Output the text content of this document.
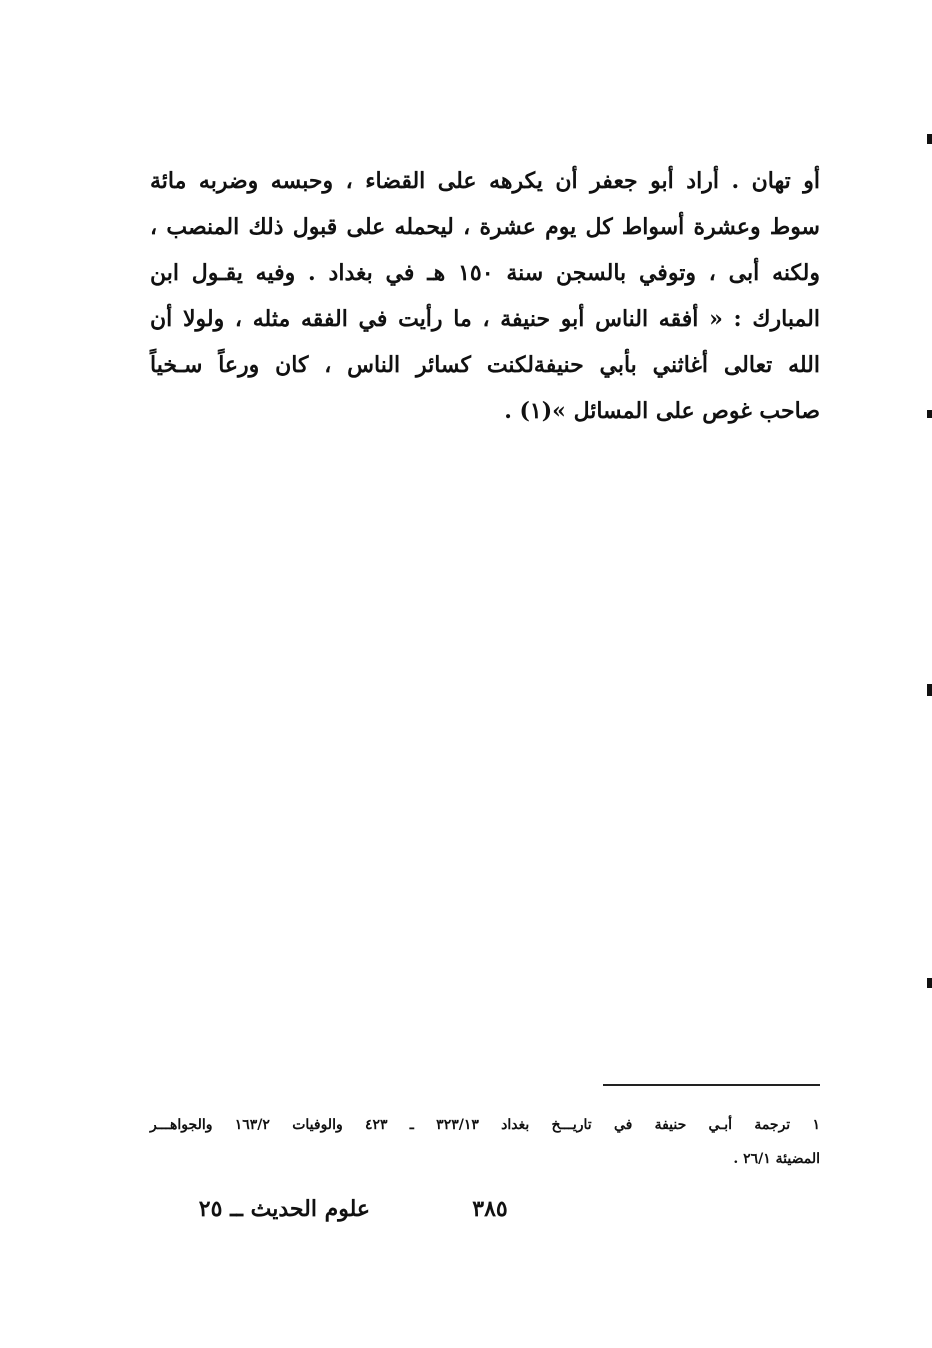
أو تهان . أراد أبو جعفر أن يكرهه على القضاء ، وحبسه وضربه مائة
سوط وعشرة أسواط كل يوم عشرة ، ليحمله على قبول ذلك المنصب ،
ولكنه أبى ، وتوفي بالسجن سنة ١٥٠ هـ في بغداد . وفيه يقـول ابن
المبارك : « أفقه الناس أبو حنيفة ، ما رأيت في الفقه مثله ، ولولا أن
الله تعالى أغاثني بأبي حنيفةلكنت كسائر الناس ، كان ورعاً سـخياً
صاحب غوص على المسائل »(١) .
١ ترجمة أبـي حنيفة في تاريـــخ بغداد ٣٢٣/١٣ ـ ٤٢٣ والوفيات ١٦٣/٢ والجواهـــر
المضيئة ٢٦/١ .
٣٨٥
علوم الحديث ــ ٢٥
